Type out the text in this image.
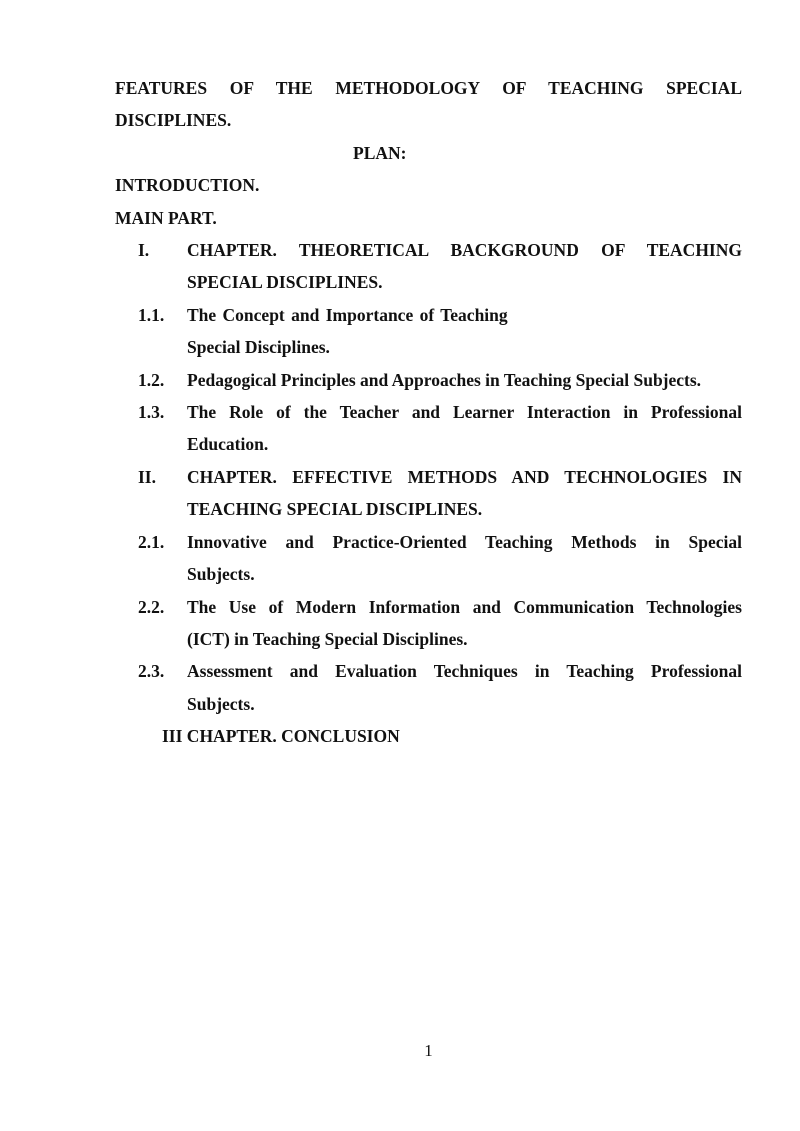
FEATURES OF THE METHODOLOGY OF TEACHING SPECIAL
DISCIPLINES.
PLAN:
INTRODUCTION.
MAIN PART.
I. CHAPTER. THEORETICAL BACKGROUND OF TEACHING
SPECIAL DISCIPLINES.
1.1. The Concept and Importance of Teaching
Special Disciplines.
1.2. Pedagogical Principles and Approaches in Teaching Special Subjects.
1.3. The Role of the Teacher and Learner Interaction in Professional
Education.
II. CHAPTER. EFFECTIVE METHODS AND TECHNOLOGIES IN
TEACHING SPECIAL DISCIPLINES.
2.1. Innovative and Practice-Oriented Teaching Methods in Special
Subjects.
2.2. The Use of Modern Information and Communication Technologies
(ICT) in Teaching Special Disciplines.
2.3. Assessment and Evaluation Techniques in Teaching Professional
Subjects.
III CHAPTER. CONCLUSION
1
